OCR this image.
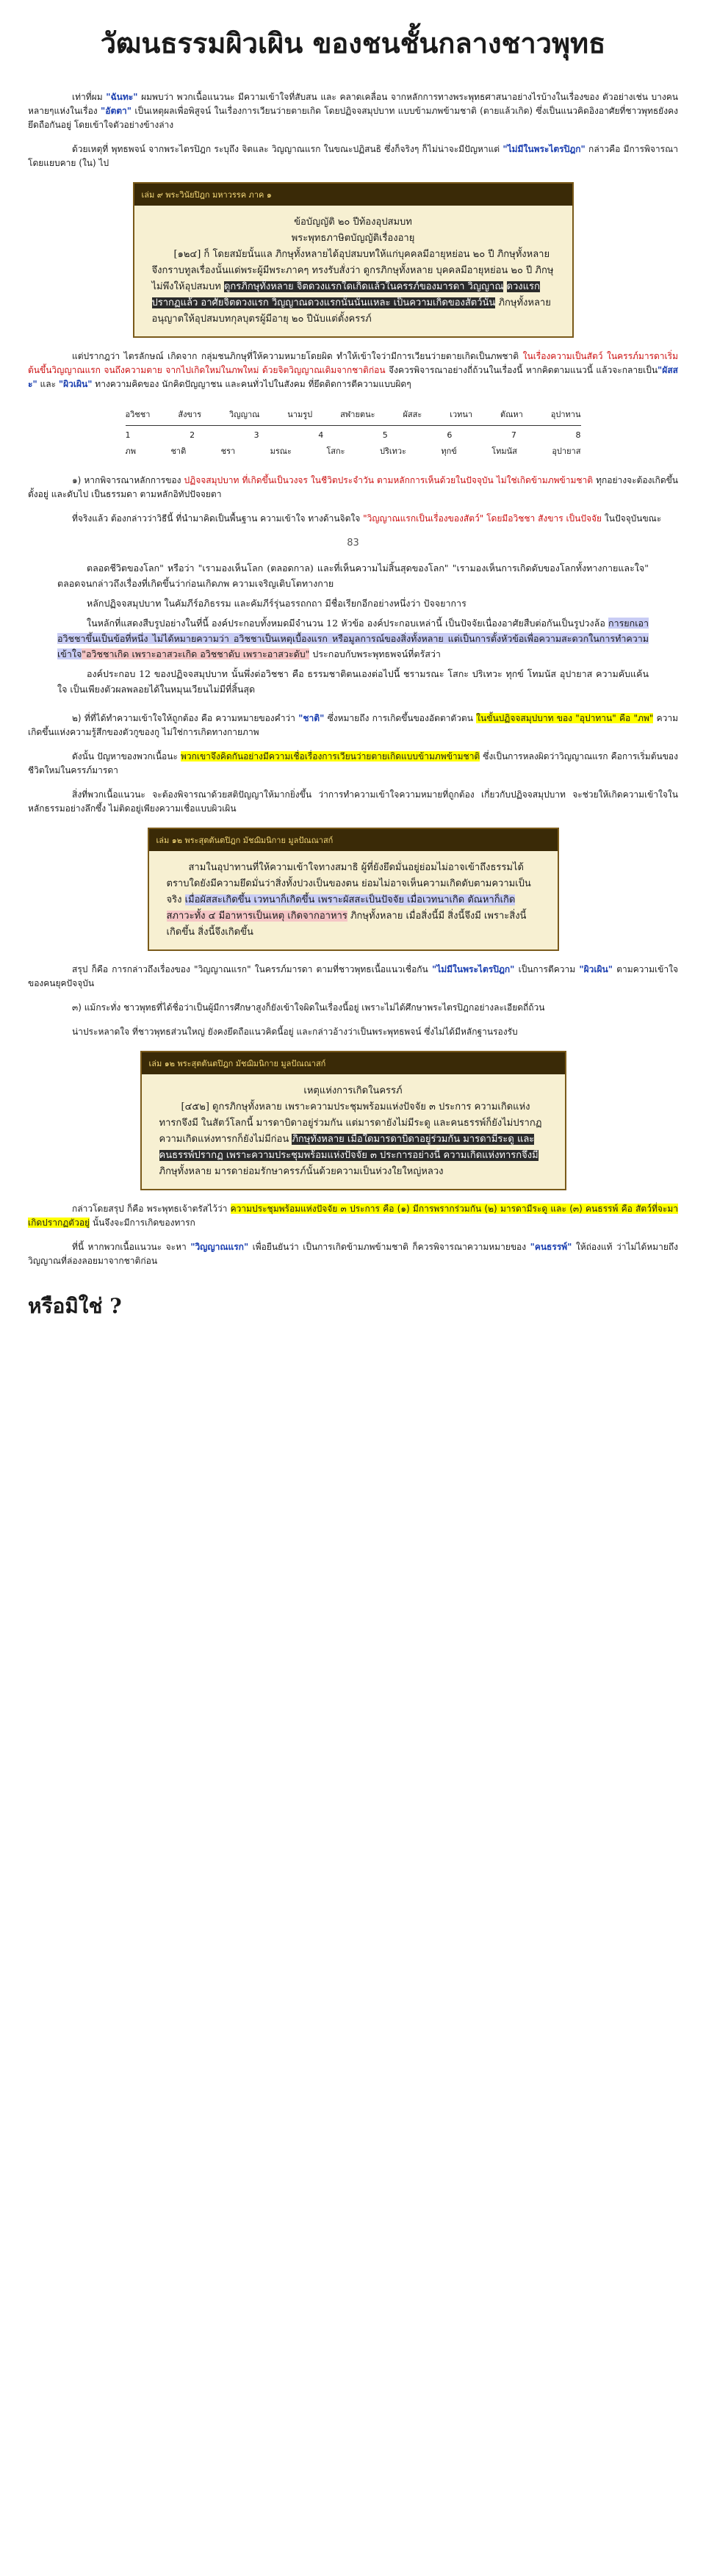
วัฒนธรรมผิวเผิน ของชนชั้นกลางชาวพุทธ

เท่าที่ผม "ฉันทะ" ผมพบว่า พวกเนื้อแนวนะ มีความเข้าใจที่สับสน และ คลาดเคลื่อน จากหลักการทางพระพุทธศาสนาอย่างไรบ้างในเรื่องของ ตัวอย่างเช่น บางคนหลายๆแห่งในเรื่อง "อัตตา" เป็นเหตุผลเพื่อพิสูจน์ ในเรื่องการเวียนว่ายตายเกิด โดยปฏิจจสมุปบาท แบบข้ามภพข้ามชาติ (ตายแล้วเกิด) ซึ่งเป็นแนวคิดอิงอาศัยที่ชาวพุทธยังคงยึดถือกันอยู่ โดยเข้าใจตัวอย่างข้างล่าง

ด้วยเหตุที่ พุทธพจน์ จากพระไตรปิฎก ระบุถึง จิตและ วิญญาณแรก ในขณะปฏิสนธิ ซึ่งก็จริงๆ ก็ไม่น่าจะมีปัญหาแต่ "ไม่มีในพระไตรปิฎก" กล่าวคือ มีการพิจารณาโดยแยบคาย (ใน) ไป

เล่ม ๙ พระวินัยปิฎก มหาวรรค ภาค ๑
ข้อบัญญัติ ๒๐ ปีท้องอุปสมบท
พระพุทธภาษิตบัญญัติเรื่องอายุ

[๑๒๔] ก็ โดยสมัยนั้นแล ภิกษุทั้งหลายได้อุปสมบทให้แก่บุคคลมีอายุหย่อน ๒๐ ปี ภิกษุทั้งหลายจึงกราบทูลเรื่องนั้นแด่พระผู้มีพระภาคๆ ทรงรับสั่งว่า ดูกรภิกษุทั้งหลาย บุคคลมีอายุหย่อน ๒๐ ปี ภิกษุไม่พึงให้อุปสมบท ดูกรภิกษุทั้งหลาย จิตดวงแรกใดเกิดแล้วในครรภ์ของมารดา วิญญาณ ดวงแรกปรากฏแล้ว อาศัยจิตดวงแรก วิญญาณดวงแรกนั้นนั่นแหละ เป็นความเกิดของสัตว์นั้น ภิกษุทั้งหลายอนุญาตให้อุปสมบทกุลบุตรผู้มีอายุ ๒๐ ปีนับแต่ตั้งครรภ์

แต่ปรากฎว่า ไตรลักษณ์ เกิดจาก กลุ่มชนภิกษุที่ให้ความหมายโดยผิด ทำให้เข้าใจว่ามีการเวียนว่ายตายเกิดเป็นภพชาติ ในเรื่องความเป็นสัตว์ ในครรภ์มารดาเริ่มต้นขึ้นวิญญาณแรก จนถึงความตาย จากไปเกิดใหม่ในภพใหม่ ด้วยจิตวิญญาณเดิมจากชาติก่อน จึงควรพิจารณาอย่างถี่ถ้วนในเรื่องนี้ หากคิดตามแนวนี้ แล้วจะกลายเป็น"ผัสสะ" และ "ผิวเผิน" ทางความคิดของ นักคิดปัญญาชน และคนทั่วไปในสังคม ที่ยึดติดการตีความแบบผิดๆ

อวิชชา	สังขาร	วิญญาณ	นามรูป	สฬายตนะ	ผัสสะ	เวทนา	ตัณหา	อุปาทาน
1	2	3	4	5	6	7	8
ภพ	ชาติ	ชรา	มรณะ	โสกะ	ปริเทวะ	ทุกข์	โทมนัส	อุปายาส

๑) หากพิจารณาหลักการของ ปฏิจจสมุปบาท ที่เกิดขึ้นเป็นวงจร ในชีวิตประจำวัน ตามหลักการเห็นด้วยในปัจจุบัน ไม่ใช่เกิดข้ามภพข้ามชาติ ทุกอย่างจะต้องเกิดขึ้น ตั้งอยู่ และดับไป เป็นธรรมดา ตามหลักอิทัปปัจจยตา

ที่จริงแล้ว ต้องกล่าวว่าวิธีนี้ ที่นำมาคิดเป็นพื้นฐาน ความเข้าใจ ทางด้านจิตใจ "วิญญาณแรกเป็นเรื่องของสัตว์" โดยมีอวิชชา สังขาร เป็นปัจจัย ในปัจจุบันขณะ

83

ตลอดชีวิตของโลก" หรือว่า "เรามองเห็นโลก (ตลอดกาล) และที่เห็นความไม่สิ้นสุดของโลก" "เรามองเห็นการเกิดดับของโลกทั้งทางกายและใจ" ตลอดจนกล่าวถึงเรื่องที่เกิดขึ้นว่าก่อนเกิดภพ ความเจริญเติบโตทางกาย

หลักปฏิจจสมุปบาท ในคัมภีร์อภิธรรม และคัมภีร์รุ่นอรรถกถา มีชื่อเรียกอีกอย่างหนึ่งว่า ปัจจยาการ

ในหลักที่แสดงสืบรูปอย่างในที่นี้ องค์ประกอบทั้งหมดมีจำนวน 12 หัวข้อ องค์ประกอบเหล่านี้ เป็นปัจจัยเนื่องอาศัยสืบต่อกันเป็นรูปวงล้อ การยกเอาอวิชชาขึ้นเป็นข้อที่หนึ่ง ไม่ได้หมายความว่า อวิชชาเป็นเหตุเบื้องแรก หรือมูลการณ์ของสิ่งทั้งหลาย แต่เป็นการตั้งหัวข้อเพื่อความสะดวกในการทำความเข้าใจ"อวิชชาเกิด เพราะอาสวะเกิด อวิชชาดับ เพราะอาสวะดับ" ประกอบกับพระพุทธพจน์ที่ตรัสว่า

องค์ประกอบ 12 ของปฏิจจสมุปบาท นั้นพึ่งต่อวิชชา คือ ธรรมชาติตนเองต่อไปนี้ ชรามรณะ โสกะ ปริเทวะ ทุกข์ โทมนัส อุปายาส ความคับแค้นใจ เป็นเพียงตัวผลพลอยได้ในหมุนเวียนไม่มีที่สิ้นสุด

๒) ที่ที่ได้ทำความเข้าใจให้ถูกต้อง คือ ความหมายของคำว่า "ชาติ" ซึ่งหมายถึง การเกิดขึ้นของอัตตาตัวตน ในขั้นปฏิจจสมุปบาท ของ "อุปาทาน" คือ "ภพ" ความเกิดขึ้นแห่งความรู้สึกของตัวกูของกู ไม่ใช่การเกิดทางกายภาพ

ดังนั้น ปัญหาของพวกเนื้อนะ พวกเขาจึงคิดกันอย่างมีความเชื่อเรื่องการเวียนว่ายตายเกิดแบบข้ามภพข้ามชาติ ซึ่งเป็นการหลงผิดว่าวิญญาณแรก คือการเริ่มต้นของชีวิตใหม่ในครรภ์มารดา

สิ่งที่พวกเนื้อแนวนะ จะต้องพิจารณาด้วยสติปัญญาให้มากยิ่งขึ้น ว่าการทำความเข้าใจความหมายที่ถูกต้อง เกี่ยวกับปฏิจจสมุปบาท จะช่วยให้เกิดความเข้าใจในหลักธรรมอย่างลึกซึ้ง ไม่ติดอยู่เพียงความเชื่อแบบผิวเผิน

เล่ม ๑๒ พระสุตตันตปิฎก มัชฌิมนิกาย มูลปัณณาสก์

สามในอุปาทานที่ให้ความเข้าใจทางสมาธิ ผู้ที่ยังยึดมั่นอยู่ย่อมไม่อาจเข้าถึงธรรมได้ ตราบใดยังมีความยึดมั่นว่าสิ่งทั้งปวงเป็นของตน ย่อมไม่อาจเห็นความเกิดดับตามความเป็นจริง เมื่อผัสสะเกิดขึ้น เวทนาก็เกิดขึ้น เพราะผัสสะเป็นปัจจัย เมื่อเวทนาเกิด ตัณหาก็เกิด สภาวะทั้ง ๔ มีอาหารเป็นเหตุ เกิดจากอาหาร ภิกษุทั้งหลาย เมื่อสิ่งนี้มี สิ่งนี้จึงมี เพราะสิ่งนี้เกิดขึ้น สิ่งนี้จึงเกิดขึ้น

สรุป ก็คือ การกล่าวถึงเรื่องของ "วิญญาณแรก" ในครรภ์มารดา ตามที่ชาวพุทธเนื้อแนวเชื่อกัน "ไม่มีในพระไตรปิฎก" เป็นการตีความ "ผิวเผิน" ตามความเข้าใจของคนยุคปัจจุบัน

๓) แม้กระทั่ง ชาวพุทธที่ได้ชื่อว่าเป็นผู้มีการศึกษาสูงก็ยังเข้าใจผิดในเรื่องนี้อยู่ เพราะไม่ได้ศึกษาพระไตรปิฎกอย่างละเอียดถี่ถ้วน

น่าประหลาดใจ ที่ชาวพุทธส่วนใหญ่ ยังคงยึดถือแนวคิดนี้อยู่ และกล่าวอ้างว่าเป็นพระพุทธพจน์ ซึ่งไม่ได้มีหลักฐานรองรับ

เล่ม ๑๒ พระสุตตันตปิฎก มัชฌิมนิกาย มูลปัณณาสก์
เหตุแห่งการเกิดในครรภ์

[๔๕๒] ดูกรภิกษุทั้งหลาย เพราะความประชุมพร้อมแห่งปัจจัย ๓ ประการ ความเกิดแห่งทารกจึงมี ในสัตว์โลกนี้ มารดาบิดาอยู่ร่วมกัน แต่มารดายังไม่มีระดู และคนธรรพ์ก็ยังไม่ปรากฏ ความเกิดแห่งทารกก็ยังไม่มีก่อน ภิกษุทั้งหลาย เมื่อใดมารดาบิดาอยู่ร่วมกัน มารดามีระดู และคนธรรพ์ปรากฏ เพราะความประชุมพร้อมแห่งปัจจัย ๓ ประการอย่างนี้ ความเกิดแห่งทารกจึงมี ภิกษุทั้งหลาย มารดาย่อมรักษาครรภ์นั้นด้วยความเป็นห่วงใยใหญ่หลวง

กล่าวโดยสรุป ก็คือ พระพุทธเจ้าตรัสไว้ว่า ความประชุมพร้อมแห่งปัจจัย ๓ ประการ คือ (๑) มีการพรากร่วมกัน (๒) มารดามีระดู และ (๓) คนธรรพ์ คือ สัตว์ที่จะมาเกิดปรากฏตัวอยู่ นั้นจึงจะมีการเกิดของทารก

ที่นี้ หากพวกเนื้อแนวนะ จะหา "วิญญาณแรก" เพื่อยืนยันว่า เป็นการเกิดข้ามภพข้ามชาติ ก็ควรพิจารณาความหมายของ "คนธรรพ์" ให้ถ่องแท้ ว่าไม่ได้หมายถึงวิญญาณที่ล่องลอยมาจากชาติก่อน

หรือมิใช่ ?
